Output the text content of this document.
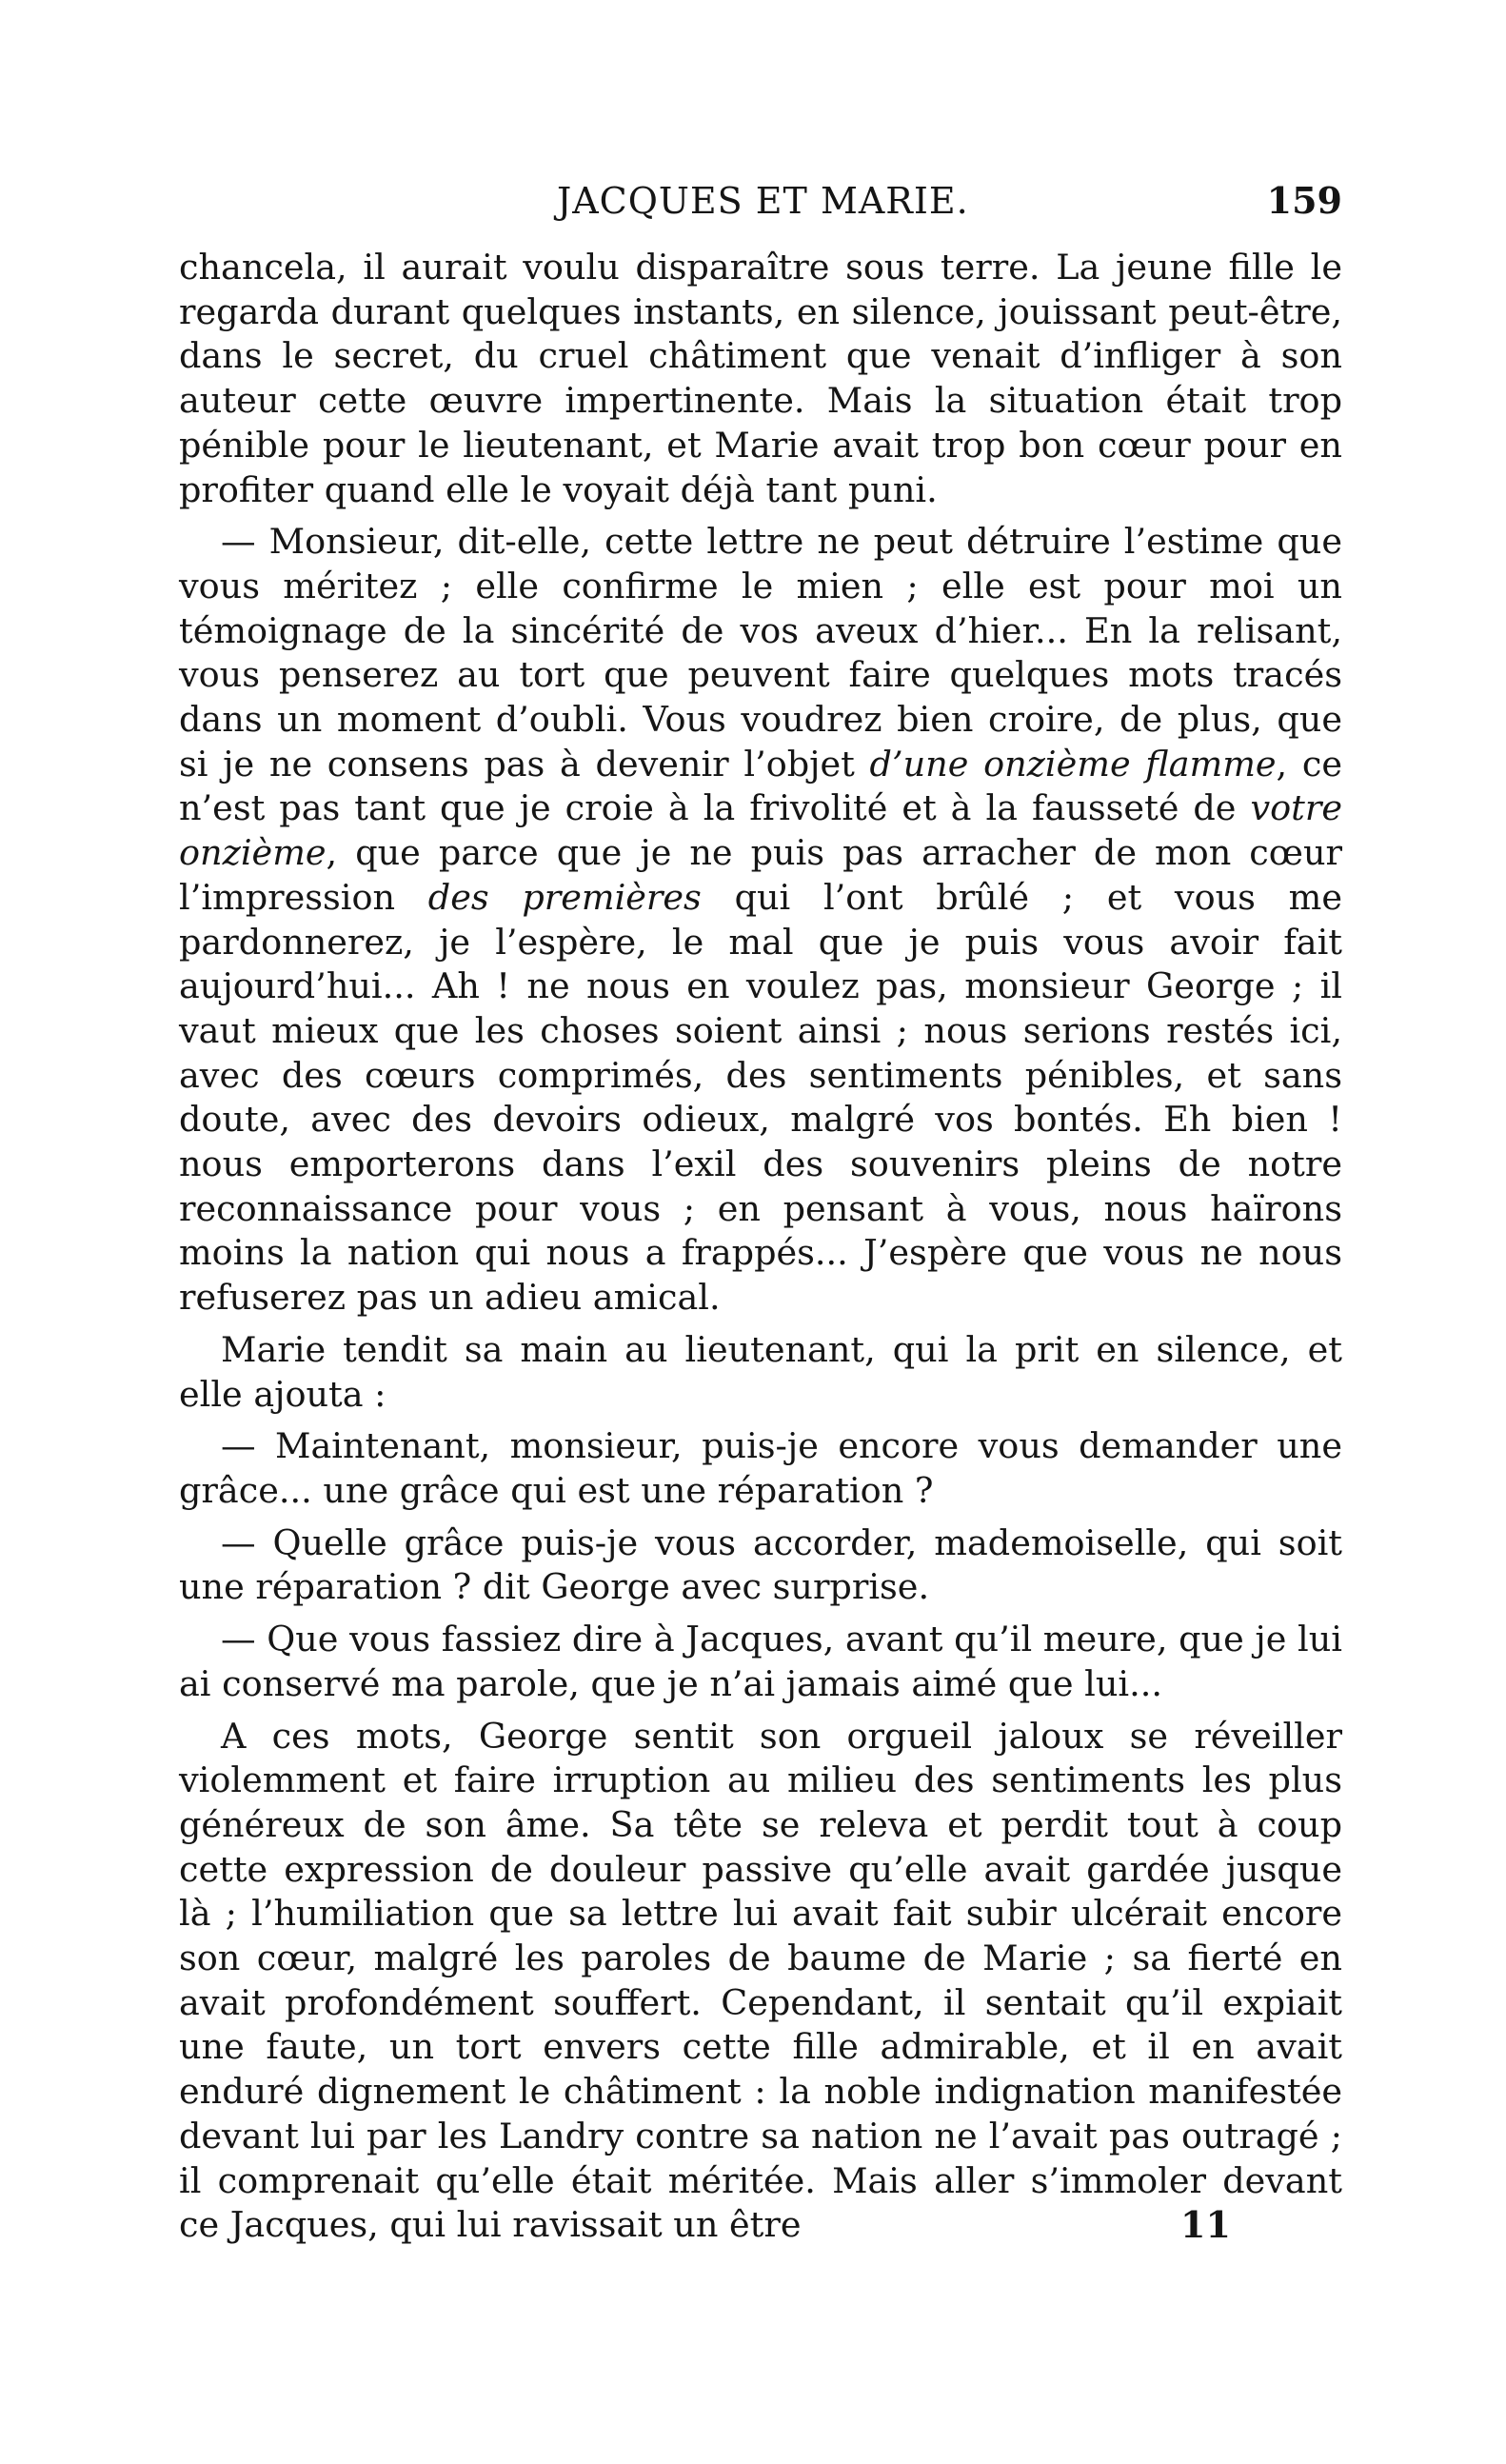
JACQUES ET MARIE.	159

chancela, il aurait voulu disparaître sous terre. La jeune fille le regarda durant quelques instants, en silence, jouissant peut-être, dans le secret, du cruel châtiment que venait d’infliger à son auteur cette œuvre impertinente. Mais la situation était trop pénible pour le lieutenant, et Marie avait trop bon cœur pour en profiter quand elle le voyait déjà tant puni.

— Monsieur, dit-elle, cette lettre ne peut détruire l’estime que vous méritez ; elle confirme le mien ; elle est pour moi un témoignage de la sincérité de vos aveux d’hier... En la relisant, vous penserez au tort que peuvent faire quelques mots tracés dans un moment d’oubli. Vous voudrez bien croire, de plus, que si je ne consens pas à devenir l’objet d’une onzième flamme, ce n’est pas tant que je croie à la frivolité et à la fausseté de votre onzième, que parce que je ne puis pas arracher de mon cœur l’impression des premières qui l’ont brûlé ; et vous me pardonnerez, je l’espère, le mal que je puis vous avoir fait aujourd’hui... Ah ! ne nous en voulez pas, monsieur George ; il vaut mieux que les choses soient ainsi ; nous serions restés ici, avec des cœurs comprimés, des sentiments pénibles, et sans doute, avec des devoirs odieux, malgré vos bontés. Eh bien ! nous emporterons dans l’exil des souvenirs pleins de notre reconnaissance pour vous ; en pensant à vous, nous haïrons moins la nation qui nous a frappés... J’espère que vous ne nous refuserez pas un adieu amical.

Marie tendit sa main au lieutenant, qui la prit en silence, et elle ajouta :

— Maintenant, monsieur, puis-je encore vous demander une grâce... une grâce qui est une réparation ?

— Quelle grâce puis-je vous accorder, mademoiselle, qui soit une réparation ? dit George avec surprise.

— Que vous fassiez dire à Jacques, avant qu’il meure, que je lui ai conservé ma parole, que je n’ai jamais aimé que lui...

A ces mots, George sentit son orgueil jaloux se réveiller violemment et faire irruption au milieu des sentiments les plus généreux de son âme. Sa tête se releva et perdit tout à coup cette expression de douleur passive qu’elle avait gardée jusque là ; l’humiliation que sa lettre lui avait fait subir ulcérait encore son cœur, malgré les paroles de baume de Marie ; sa fierté en avait profondément souffert. Cependant, il sentait qu’il expiait une faute, un tort envers cette fille admirable, et il en avait enduré dignement le châtiment : la noble indignation manifestée devant lui par les Landry contre sa nation ne l’avait pas outragé ; il comprenait qu’elle était méritée. Mais aller s’immoler devant ce Jacques, qui lui ravissait un être	11
